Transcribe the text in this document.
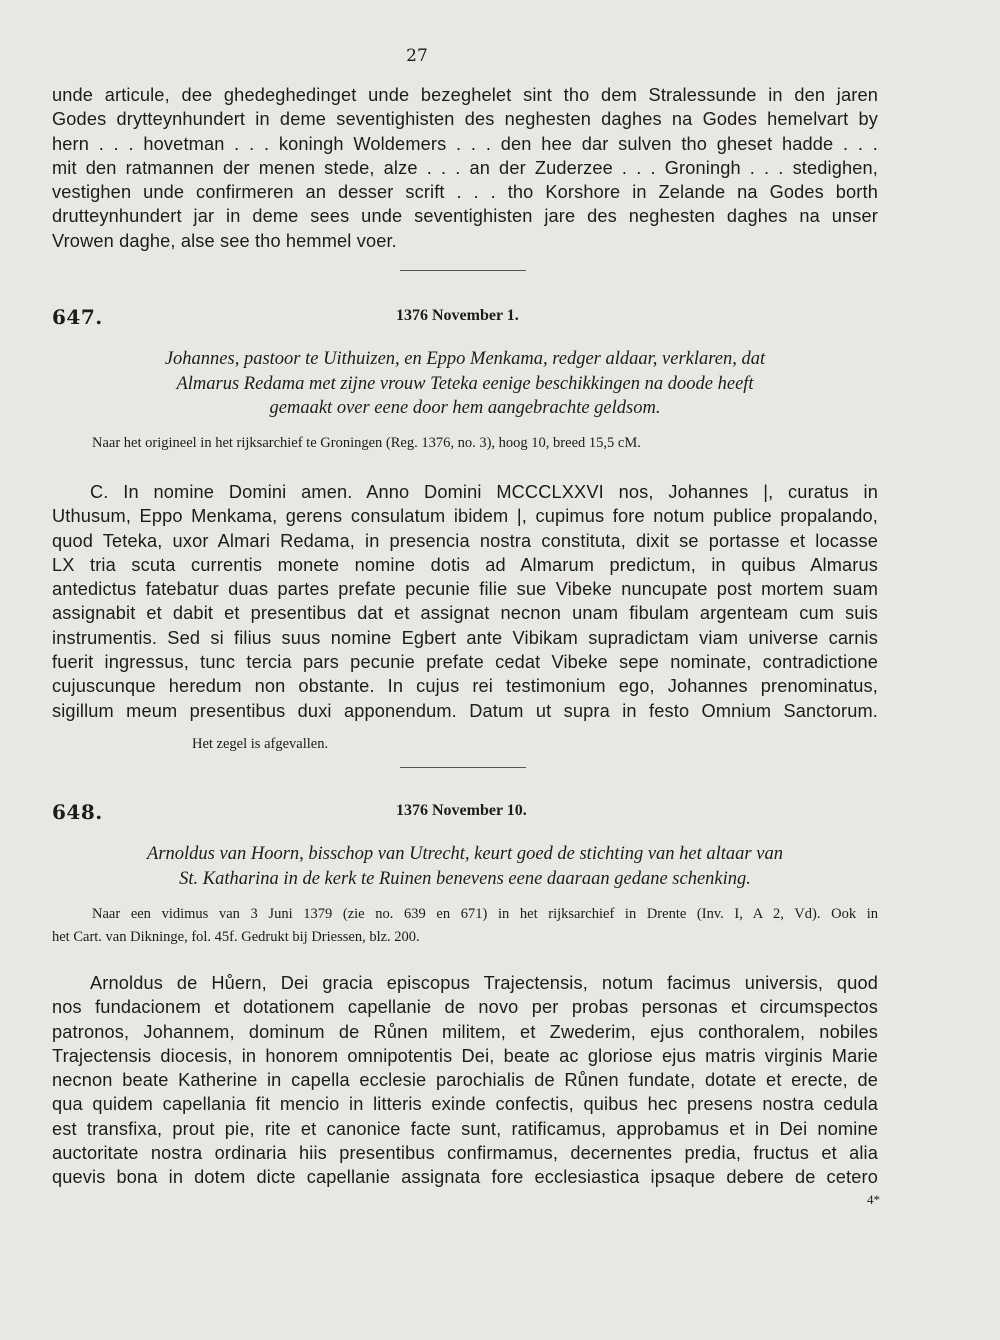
27
unde articule, dee ghedeghedinget unde bezeghelet sint tho dem Stralessunde in den jaren
Godes drytteynhundert in deme seventighisten des neghesten daghes na Godes hemelvart by
hern . . . hovetman . . . koningh Woldemers . . . den hee dar sulven tho gheset hadde . . .
mit den ratmannen der menen stede, alze . . . an der Zuderzee . . . Groningh . . . stedighen,
vestighen unde confirmeren an desser scrift . . . tho Korshore in Zelande na Godes borth
drutteynhundert jar in deme sees unde seventighisten jare des neghesten daghes na unser
Vrowen daghe, alse see tho hemmel voer.
647.	1376 November 1.
Johannes, pastoor te Uithuizen, en Eppo Menkama, redger aldaar, verklaren, dat
Almarus Redama met zijne vrouw Teteka eenige beschikkingen na doode heeft
gemaakt over eene door hem aangebrachte geldsom.
Naar het origineel in het rijksarchief te Groningen (Reg. 1376, no. 3), hoog 10, breed 15,5 cM.
C. In nomine Domini amen. Anno Domini MCCCLXXVI nos, Johannes |, curatus in
Uthusum, Eppo Menkama, gerens consulatum ibidem |, cupimus fore notum publice propalando,
quod Teteka, uxor Almari Redama, in presencia nostra constituta, dixit se portasse et locasse
LX tria scuta currentis monete nomine dotis ad Almarum predictum, in quibus Almarus
antedictus fatebatur duas partes prefate pecunie filie sue Vibeke nuncupate post mortem suam
assignabit et dabit et presentibus dat et assignat necnon unam fibulam argenteam cum suis
instrumentis. Sed si filius suus nomine Egbert ante Vibikam supradictam viam universe carnis
fuerit ingressus, tunc tercia pars pecunie prefate cedat Vibeke sepe nominate, contradictione
cujuscunque heredum non obstante. In cujus rei testimonium ego, Johannes prenominatus,
sigillum meum presentibus duxi apponendum. Datum ut supra in festo Omnium Sanctorum.
Het zegel is afgevallen.
648.	1376 November 10.
Arnoldus van Hoorn, bisschop van Utrecht, keurt goed de stichting van het altaar van
St. Katharina in de kerk te Ruinen benevens eene daaraan gedane schenking.
Naar een vidimus van 3 Juni 1379 (zie no. 639 en 671) in het rijksarchief in Drente (Inv. I, A 2, Vd). Ook in
het Cart. van Dikninge, fol. 45f. Gedrukt bij Driessen, blz. 200.
Arnoldus de Hůern, Dei gracia episcopus Trajectensis, notum facimus universis, quod
nos fundacionem et dotationem capellanie de novo per probas personas et circumspectos
patronos, Johannem, dominum de Růnen militem, et Zwederim, ejus conthoralem, nobiles
Trajectensis diocesis, in honorem omnipotentis Dei, beate ac gloriose ejus matris virginis Marie
necnon beate Katherine in capella ecclesie parochialis de Růnen fundate, dotate et erecte, de
qua quidem capellania fit mencio in litteris exinde confectis, quibus hec presens nostra cedula
est transfixa, prout pie, rite et canonice facte sunt, ratificamus, approbamus et in Dei nomine
auctoritate nostra ordinaria hiis presentibus confirmamus, decernentes predia, fructus et alia
quevis bona in dotem dicte capellanie assignata fore ecclesiastica ipsaque debere de cetero
4*
